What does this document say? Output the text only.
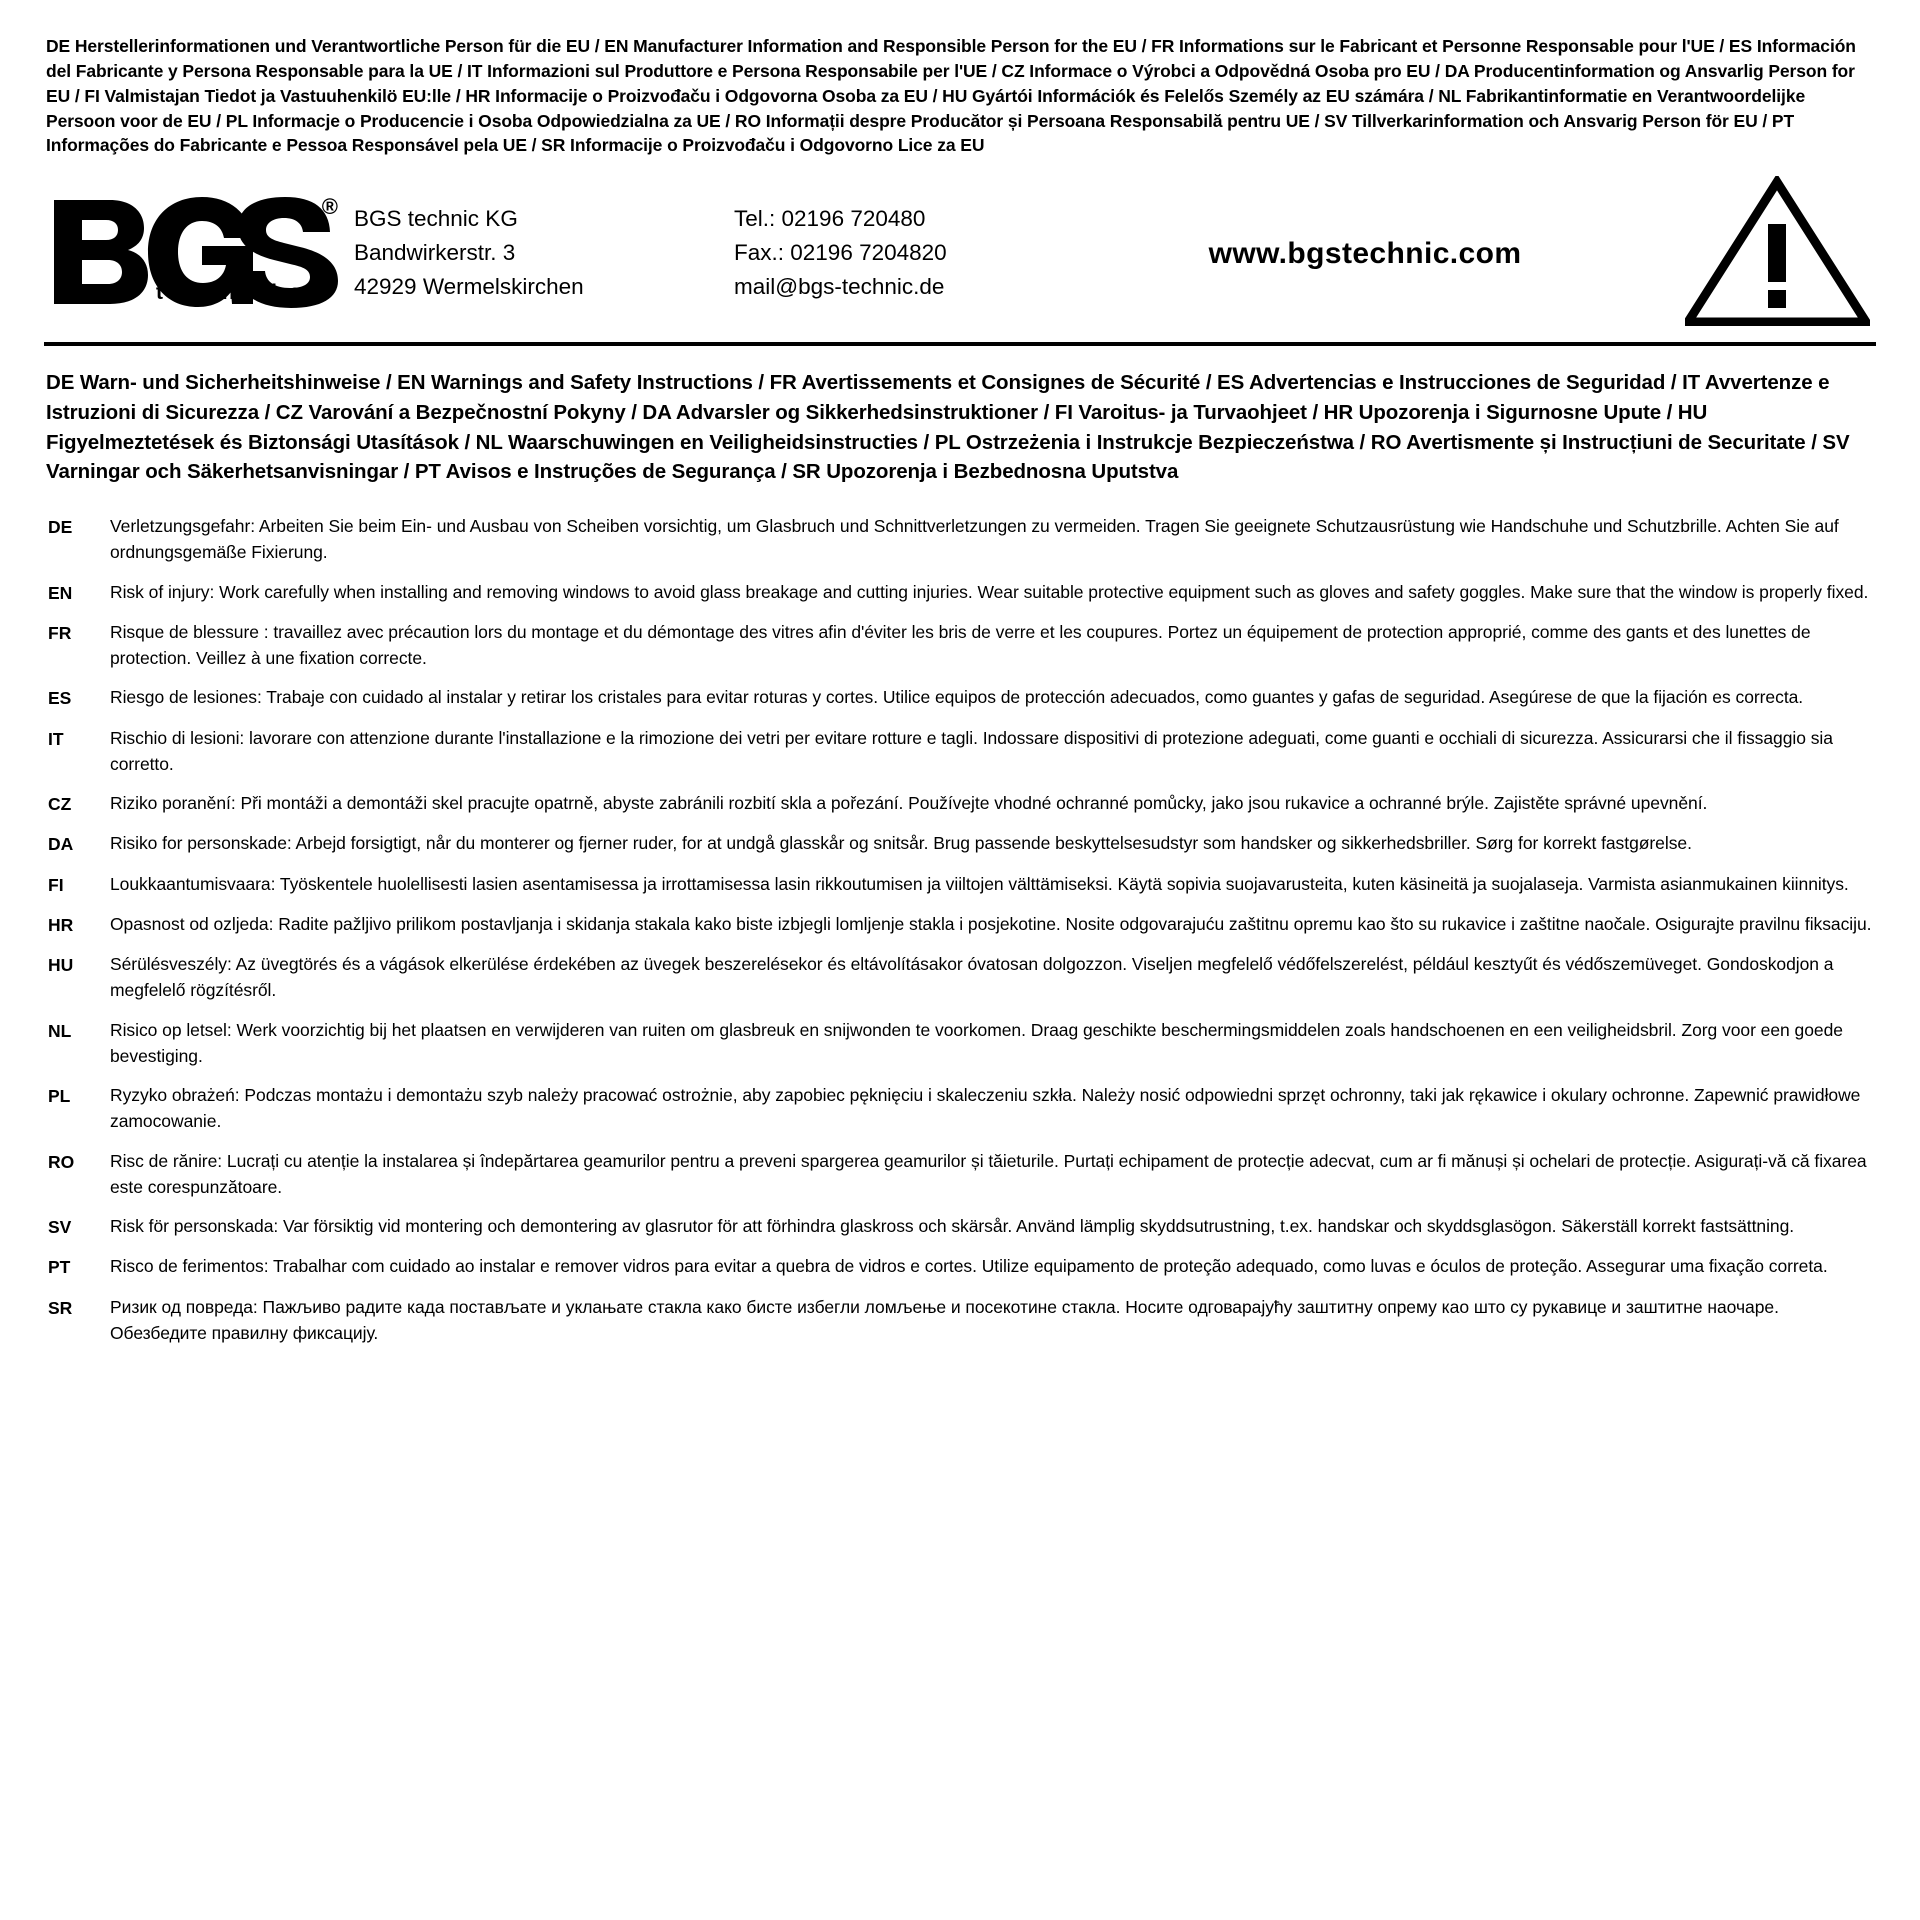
DE Herstellerinformationen und Verantwortliche Person für die EU / EN Manufacturer Information and Responsible Person for the EU / FR Informations sur le Fabricant et Personne Responsable pour l'UE / ES Información del Fabricante y Persona Responsable para la UE / IT Informazioni sul Produttore e Persona Responsabile per l'UE / CZ Informace o Výrobci a Odpovědná Osoba pro EU / DA Producentinformation og Ansvarlig Person for EU / FI Valmistajan Tiedot ja Vastuuhenkilö EU:lle / HR Informacije o Proizvođaču i Odgovorna Osoba za EU / HU Gyártói Információk és Felelős Személy az EU számára / NL Fabrikantinformatie en Verantwoordelijke Persoon voor de EU / PL Informacje o Producencie i Osoba Odpowiedzialna za UE / RO Informații despre Producător și Persoana Responsabilă pentru UE / SV Tillverkarinformation och Ansvarig Person för EU / PT Informações do Fabricante e Pessoa Responsável pela UE / SR Informacije o Proizvođaču i Odgovorno Lice za EU
®
t e c h n i c
BGS technic KG
Bandwirkerstr. 3
42929 Wermelskirchen
Tel.: 02196 720480
Fax.: 02196 7204820
mail@bgs-technic.de
www.bgstechnic.com
DE Warn- und Sicherheitshinweise / EN Warnings and Safety Instructions / FR Avertissements et Consignes de Sécurité / ES Advertencias e Instrucciones de Seguridad / IT Avvertenze e Istruzioni di Sicurezza / CZ Varování a Bezpečnostní Pokyny / DA Advarsler og Sikkerhedsinstruktioner / FI Varoitus- ja Turvaohjeet / HR Upozorenja i Sigurnosne Upute / HU Figyelmeztetések és Biztonsági Utasítások / NL Waarschuwingen en Veiligheidsinstructies / PL Ostrzeżenia i Instrukcje Bezpieczeństwa / RO Avertismente și Instrucțiuni de Securitate / SV Varningar och Säkerhetsanvisningar / PT Avisos e Instruções de Segurança / SR Upozorenja i Bezbednosna Uputstva
DE	Verletzungsgefahr: Arbeiten Sie beim Ein- und Ausbau von Scheiben vorsichtig, um Glasbruch und Schnittverletzungen zu vermeiden. Tragen Sie geeignete Schutzausrüstung wie Handschuhe und Schutzbrille. Achten Sie auf ordnungsgemäße Fixierung.
EN	Risk of injury: Work carefully when installing and removing windows to avoid glass breakage and cutting injuries. Wear suitable protective equipment such as gloves and safety goggles. Make sure that the window is properly fixed.
FR	Risque de blessure : travaillez avec précaution lors du montage et du démontage des vitres afin d'éviter les bris de verre et les coupures. Portez un équipement de protection approprié, comme des gants et des lunettes de protection. Veillez à une fixation correcte.
ES	Riesgo de lesiones: Trabaje con cuidado al instalar y retirar los cristales para evitar roturas y cortes. Utilice equipos de protección adecuados, como guantes y gafas de seguridad. Asegúrese de que la fijación es correcta.
IT	Rischio di lesioni: lavorare con attenzione durante l'installazione e la rimozione dei vetri per evitare rotture e tagli. Indossare dispositivi di protezione adeguati, come guanti e occhiali di sicurezza. Assicurarsi che il fissaggio sia corretto.
CZ	Riziko poranění: Při montáži a demontáži skel pracujte opatrně, abyste zabránili rozbití skla a pořezání. Používejte vhodné ochranné pomůcky, jako jsou rukavice a ochranné brýle. Zajistěte správné upevnění.
DA	Risiko for personskade: Arbejd forsigtigt, når du monterer og fjerner ruder, for at undgå glasskår og snitsår. Brug passende beskyttelsesudstyr som handsker og sikkerhedsbriller. Sørg for korrekt fastgørelse.
FI	Loukkaantumisvaara: Työskentele huolellisesti lasien asentamisessa ja irrottamisessa lasin rikkoutumisen ja viiltojen välttämiseksi. Käytä sopivia suojavarusteita, kuten käsineitä ja suojalaseja. Varmista asianmukainen kiinnitys.
HR	Opasnost od ozljeda: Radite pažljivo prilikom postavljanja i skidanja stakala kako biste izbjegli lomljenje stakla i posjekotine. Nosite odgovarajuću zaštitnu opremu kao što su rukavice i zaštitne naočale. Osigurajte pravilnu fiksaciju.
HU	Sérülésveszély: Az üvegtörés és a vágások elkerülése érdekében az üvegek beszerelésekor és eltávolításakor óvatosan dolgozzon. Viseljen megfelelő védőfelszerelést, például kesztyűt és védőszemüveget. Gondoskodjon a megfelelő rögzítésről.
NL	Risico op letsel: Werk voorzichtig bij het plaatsen en verwijderen van ruiten om glasbreuk en snijwonden te voorkomen. Draag geschikte beschermingsmiddelen zoals handschoenen en een veiligheidsbril. Zorg voor een goede bevestiging.
PL	Ryzyko obrażeń: Podczas montażu i demontażu szyb należy pracować ostrożnie, aby zapobiec pęknięciu i skaleczeniu szkła. Należy nosić odpowiedni sprzęt ochronny, taki jak rękawice i okulary ochronne. Zapewnić prawidłowe zamocowanie.
RO	Risc de rănire: Lucrați cu atenție la instalarea și îndepărtarea geamurilor pentru a preveni spargerea geamurilor și tăieturile. Purtați echipament de protecție adecvat, cum ar fi mănuși și ochelari de protecție. Asigurați-vă că fixarea este corespunzătoare.
SV	Risk för personskada: Var försiktig vid montering och demontering av glasrutor för att förhindra glaskross och skärsår. Använd lämplig skyddsutrustning, t.ex. handskar och skyddsglasögon. Säkerställ korrekt fastsättning.
PT	Risco de ferimentos: Trabalhar com cuidado ao instalar e remover vidros para evitar a quebra de vidros e cortes. Utilize equipamento de proteção adequado, como luvas e óculos de proteção. Assegurar uma fixação correta.
SR	Ризик од повреда: Пажљиво радите када постављате и уклањате стакла како бисте избегли ломљење и посекотине стакла. Носите одговарајућу заштитну опрему као што су рукавице и заштитне наочаре. Обезбедите правилну фиксацију.
